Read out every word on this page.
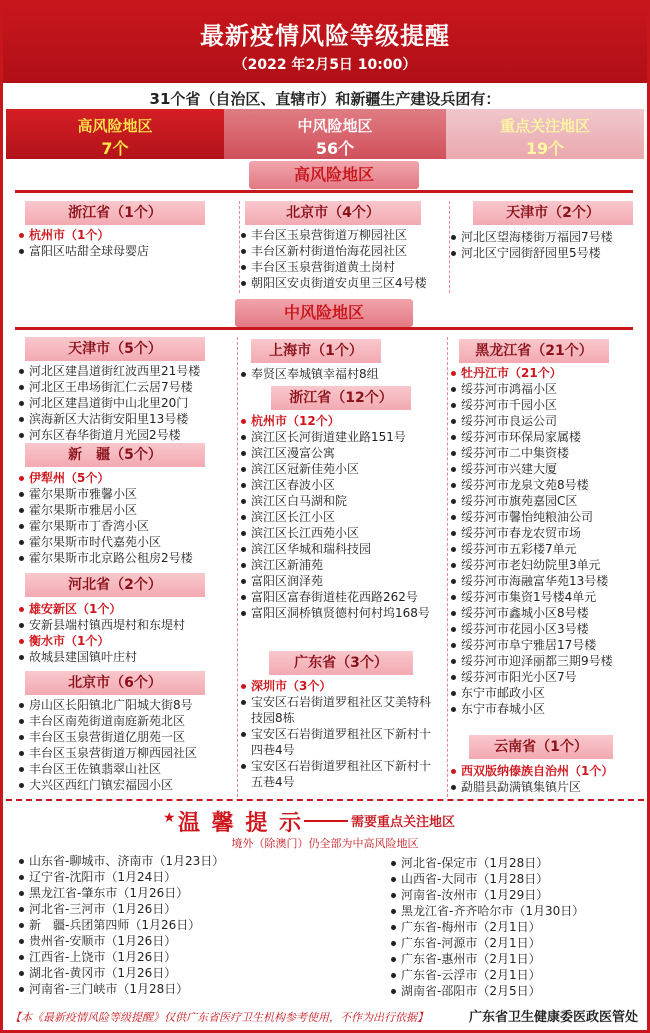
最新疫情风险等级提醒
（2022 年2月5日 10:00）
31个省（自治区、直辖市）和新疆生产建设兵团有：
高风险地区
7个
中风险地区
56个
重点关注地区
19个
高风险地区
浙江省（1个）

杭州市（1个）

富阳区咕甜全球母婴店

北京市（4个）

丰台区玉泉营街道万柳园社区

丰台区新村街道怡海花园社区

丰台区玉泉营街道黄土岗村

朝阳区安贞街道安贞里三区4号楼

天津市（2个）

河北区望海楼街万福园7号楼

河北区宁园街舒园里5号楼

中风险地区
天津市（5个）

河北区建昌道街红波西里21号楼

河北区王串场街汇仁云居7号楼

河北区建昌道街中山北里20门

滨海新区大沽街安阳里13号楼

河东区春华街道月光园2号楼

新　疆（5个）

伊犁州（5个）

霍尔果斯市雅馨小区

霍尔果斯市雅居小区

霍尔果斯市丁香湾小区

霍尔果斯市时代嘉苑小区

霍尔果斯市北京路公租房2号楼

河北省（2个）

雄安新区（1个）

安新县端村镇西堤村和东堤村

衡水市（1个）

故城县建国镇叶庄村

北京市（6个）

房山区长阳镇北广阳城大街8号

丰台区南苑街道南庭新苑北区

丰台区玉泉营街道亿朋苑一区

丰台区玉泉营街道万柳西园社区

丰台区王佐镇翡翠山社区

大兴区西红门镇宏福园小区

上海市（1个）

奉贤区奉城镇幸福村8组

浙江省（12个）

杭州市（12个）

滨江区长河街道建业路151号

滨江区漫富公寓

滨江区冠新佳苑小区

滨江区春波小区

滨江区白马湖和院

滨江区长江小区

滨江区长江西苑小区

滨江区华城和瑞科技园

滨江区新浦苑

富阳区润泽苑

富阳区富春街道桂花西路262号

富阳区洞桥镇贤德村何村坞168号

广东省（3个）

深圳市（3个）

宝安区石岩街道罗租社区艾美特科技园8栋

宝安区石岩街道罗租社区下新村十四巷4号

宝安区石岩街道罗租社区下新村十五巷4号

黑龙江省（21个）

牡丹江市（21个）

绥芬河市鸿福小区

绥芬河市千园小区

绥芬河市良运公司

绥芬河市环保局家属楼

绥芬河市二中集资楼

绥芬河市兴建大厦

绥芬河市龙泉文苑8号楼

绥芬河市旗苑嘉园C区

绥芬河市馨怡纯粮油公司

绥芬河市春龙农贸市场

绥芬河市五彩楼7单元

绥芬河市老妇幼院里3单元

绥芬河市海融富华苑13号楼

绥芬河市集资1号楼4单元

绥芬河市鑫城小区8号楼

绥芬河市花园小区3号楼

绥芬河市阜宁雅居17号楼

绥芬河市迎泽丽都三期9号楼

绥芬河市阳光小区7号

东宁市邮政小区

东宁市春城小区

云南省（1个）

西双版纳傣族自治州（1个）

勐腊县勐满镇集镇片区

★ 温 馨 提 示	需要重点关注地区
境外（除澳门）仍全部为中高风险地区

山东省-聊城市、济南市（1月23日）

辽宁省-沈阳市（1月24日）

黑龙江省-肇东市（1月26日）

河北省-三河市（1月26日）

新　疆-兵团第四师（1月26日）

贵州省-安顺市（1月26日）

江西省-上饶市（1月26日）

湖北省-黄冈市（1月26日）

河南省-三门峡市（1月28日）

河北省-保定市（1月28日）

山西省-大同市（1月28日）

河南省-汝州市（1月29日）

黑龙江省-齐齐哈尔市（1月30日）

广东省-梅州市（2月1日）

广东省-河源市（2月1日）

广东省-惠州市（2月1日）

广东省-云浮市（2月1日）

湖南省-邵阳市（2月5日）

【本《最新疫情风险等级提醒》仅供广东省医疗卫生机构参考使用，不作为出行依据】	广东省卫生健康委医政医管处
